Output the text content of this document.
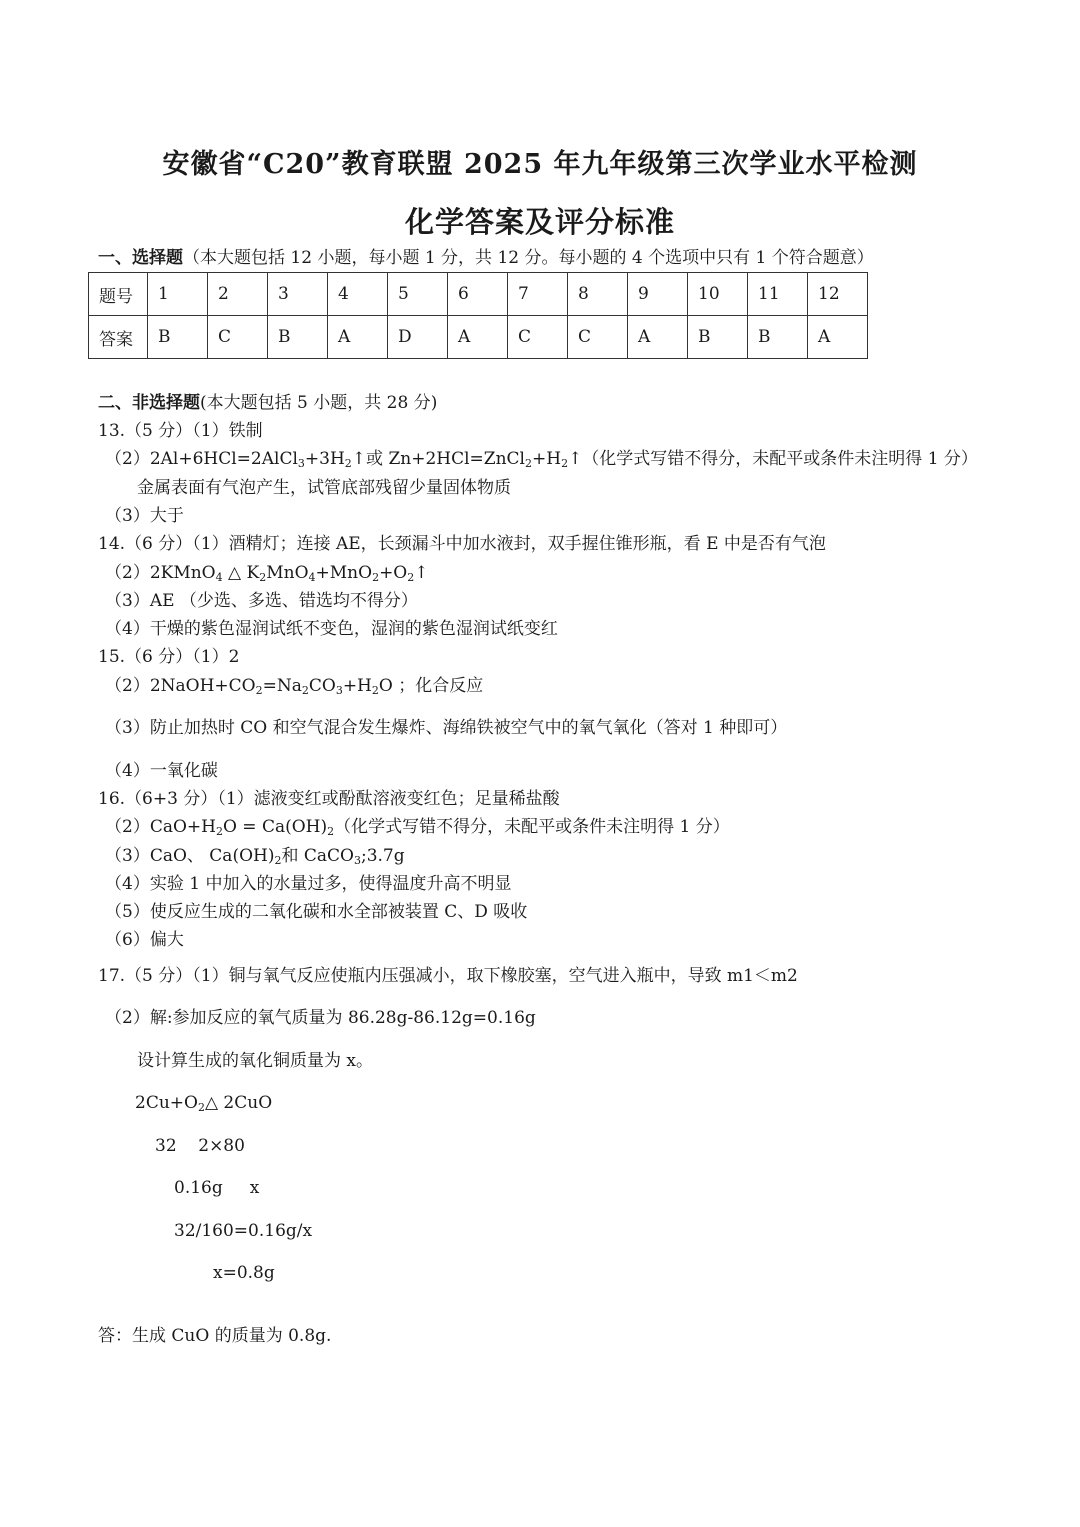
安徽省“C20”教育联盟 2025 年九年级第三次学业水平检测
化学答案及评分标准
一、选择题（本大题包括 12 小题，每小题 1 分，共 12 分。每小题的 4 个选项中只有 1 个符合题意）
题号	1	2	3	4	5	6	7	8	9	10	11	12
答案	B	C	B	A	D	A	C	C	A	B	B	A
二、非选择题(本大题包括 5 小题，共 28 分)
13.（5 分）（1）铁制
$(2)2Al+6HCl=2AlCl_3+3H_2↑$或 $Zn+2HCl=ZnCl_2+H_2↑$（化学式写错不得分，未配平或条件未注明得 1 分）
金属表面有气泡产生，试管底部残留少量固体物质
（3）大于
14.（6 分）（1）酒精灯；连接 AE，长颈漏斗中加水液封，双手握住锥形瓶，看 E 中是否有气泡
（2）2KMnO$_4$ △ $K_2MnO_4+MnO_2+O_2↑$
（3）AE （少选、多选、错选均不得分）
（4）干燥的紫色湿润试纸不变色，湿润的紫色湿润试纸变红
15.（6 分）（1）2
$(2)2NaOH+CO_2=Na_2CO_3+H_2O$ ；化合反应
（3）防止加热时 CO 和空气混合发生爆炸、海绵铁被空气中的氧气氧化（答对 1 种即可）
（4）一氧化碳
16.（6+3 分）（1）滤液变红或酚酞溶液变红色；足量稀盐酸
$(2)CaO+H_2O = Ca(OH)_2$（化学式写错不得分，未配平或条件未注明得 1 分）
（3）CaO、 $Ca(OH)_2$和 CaCO$_3$;3.7g
（4）实验 1 中加入的水量过多，使得温度升高不明显
（5）使反应生成的二氧化碳和水全部被装置 C、D 吸收
（6）偏大
17.（5 分）（1）铜与氧气反应使瓶内压强减小，取下橡胶塞，空气进入瓶中，导致 m1＜m2
（2）解:参加反应的氧气质量为 86.28g-86.12g=0.16g
设计算生成的氧化铜质量为 x。
$2Cu+O_2\triangle$ 2CuO
32    2×80
0.16g     x
32/160=0.16g/x
x=0.8g
答：生成 CuO 的质量为 0.8g.
